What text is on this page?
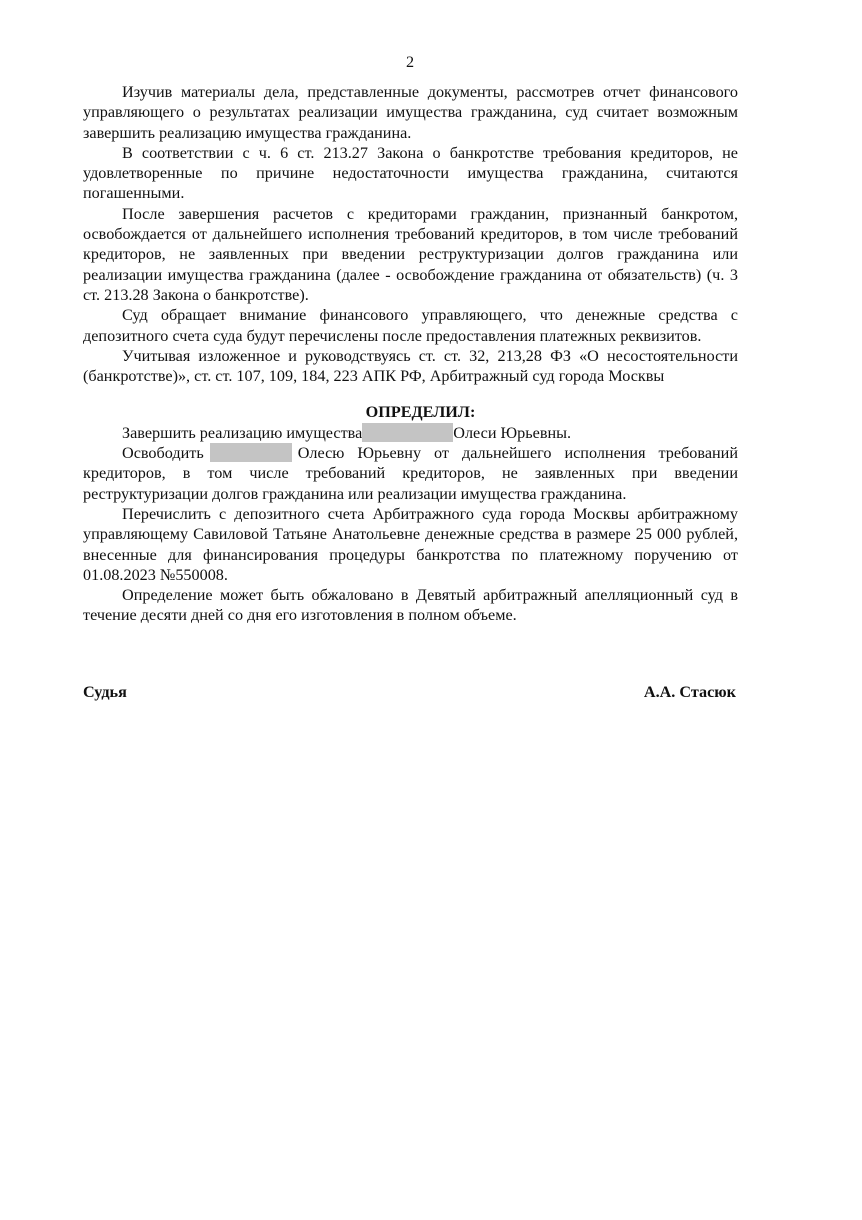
2

Изучив материалы дела, представленные документы, рассмотрев отчет финансового управляющего о результатах реализации имущества гражданина, суд считает возможным завершить реализацию имущества гражданина.

В соответствии с ч. 6 ст. 213.27 Закона о банкротстве требования кредиторов, не удовлетворенные по причине недостаточности имущества гражданина, считаются погашенными.

После завершения расчетов с кредиторами гражданин, признанный банкротом, освобождается от дальнейшего исполнения требований кредиторов, в том числе требований кредиторов, не заявленных при введении реструктуризации долгов гражданина или реализации имущества гражданина (далее - освобождение гражданина от обязательств) (ч. 3 ст. 213.28 Закона о банкротстве).

Суд обращает внимание финансового управляющего, что денежные средства с депозитного счета суда будут перечислены после предоставления платежных реквизитов.

Учитывая изложенное и руководствуясь ст. ст. 32, 213,28 ФЗ «О несостоятельности (банкротстве)», ст. ст. 107, 109, 184, 223 АПК РФ, Арбитражный суд города Москвы

ОПРЕДЕЛИЛ:

Завершить реализацию имущества	Олеси Юрьевны.

Освободить	Олесю Юрьевну от дальнейшего исполнения требований кредиторов, в том числе требований кредиторов, не заявленных при введении реструктуризации долгов гражданина или реализации имущества гражданина.

Перечислить с депозитного счета Арбитражного суда города Москвы арбитражному управляющему Савиловой Татьяне Анатольевне денежные средства в размере 25 000 рублей, внесенные для финансирования процедуры банкротства по платежному поручению от 01.08.2023 №550008.

Определение может быть обжаловано в Девятый арбитражный апелляционный суд в течение десяти дней со дня его изготовления в полном объеме.

Судья	А.А. Стасюк
